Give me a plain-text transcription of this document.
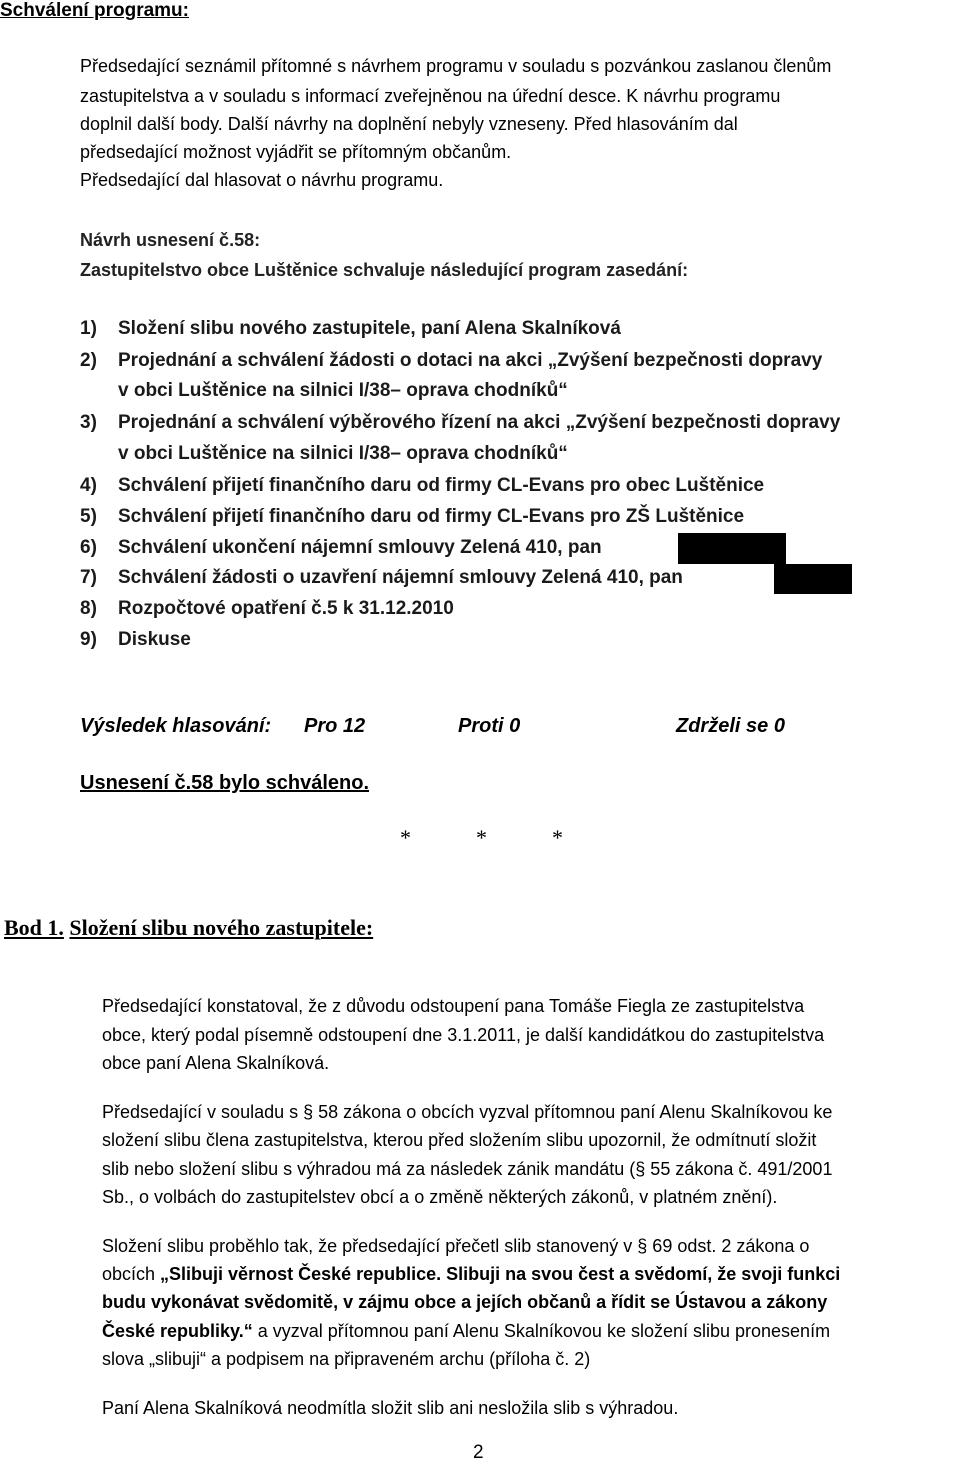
Schválení programu:
Předsedající seznámil přítomné s návrhem programu v souladu s pozvánkou zaslanou členům
zastupitelstva a v souladu s informací zveřejněnou na úřední desce. K návrhu programu
doplnil další body. Další návrhy na doplnění nebyly vzneseny. Před hlasováním dal
předsedající možnost vyjádřit se přítomným občanům.
Předsedající dal hlasovat o návrhu programu.
Návrh usnesení č.58:
Zastupitelstvo obce Luštěnice schvaluje následující program zasedání:
1) Složení slibu nového zastupitele, paní Alena Skalníková
2) Projednání a schválení žádosti o dotaci na akci „Zvýšení bezpečnosti dopravy
v obci Luštěnice na silnici I/38– oprava chodníků“
3) Projednání a schválení výběrového řízení na akci „Zvýšení bezpečnosti dopravy
v obci Luštěnice na silnici I/38– oprava chodníků“
4) Schválení přijetí finančního daru od firmy CL-Evans pro obec Luštěnice
5) Schválení přijetí finančního daru od firmy CL-Evans pro ZŠ Luštěnice
6) Schválení ukončení nájemní smlouvy Zelená 410, pan
7) Schválení žádosti o uzavření nájemní smlouvy Zelená 410, pan
8) Rozpočtové opatření č.5 k 31.12.2010
9) Diskuse
Výsledek hlasování: Pro 12	Proti 0	Zdrželi se 0
Usnesení č.58 bylo schváleno.
*	*	*
Bod 1. Složení slibu nového zastupitele:
Předsedající konstatoval, že z důvodu odstoupení pana Tomáše Fiegla ze zastupitelstva
obce, který podal písemně odstoupení dne 3.1.2011, je další kandidátkou do zastupitelstva
obce paní Alena Skalníková.
Předsedající v souladu s § 58 zákona o obcích vyzval přítomnou paní Alenu Skalníkovou ke
složení slibu člena zastupitelstva, kterou před složením slibu upozornil, že odmítnutí složit
slib nebo složení slibu s výhradou má za následek zánik mandátu (§ 55 zákona č. 491/2001
Sb., o volbách do zastupitelstev obcí a o změně některých zákonů, v platném znění).
Složení slibu proběhlo tak, že předsedající přečetl slib stanovený v § 69 odst. 2 zákona o
obcích „Slibuji věrnost České republice. Slibuji na svou čest a svědomí, že svoji funkci
budu vykonávat svědomitě, v zájmu obce a jejích občanů a řídit se Ústavou a zákony
České republiky.“ a vyzval přítomnou paní Alenu Skalníkovou ke složení slibu pronesením
slova „slibuji“ a podpisem na připraveném archu (příloha č. 2)
Paní Alena Skalníková neodmítla složit slib ani nesložila slib s výhradou.
2
